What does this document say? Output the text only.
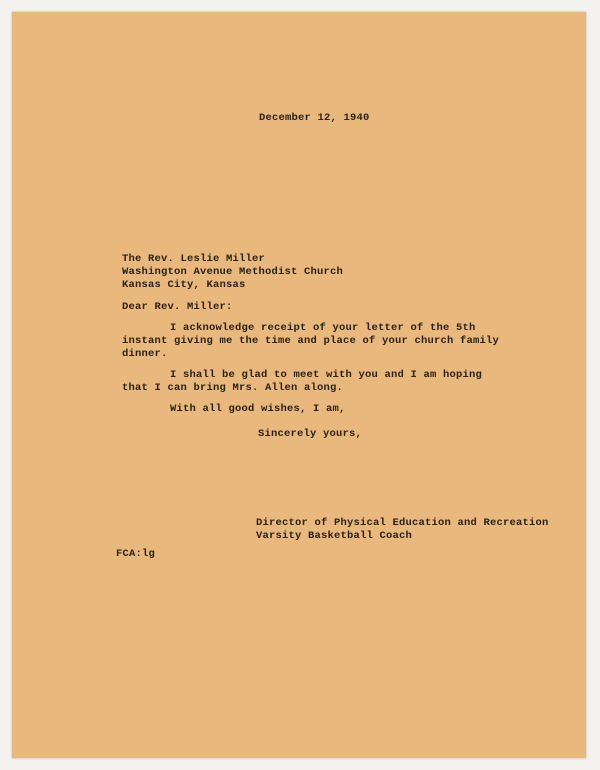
December 12, 1940
The Rev. Leslie Miller
Washington Avenue Methodist Church
Kansas City, Kansas
Dear Rev. Miller:
I acknowledge receipt of your letter of the 5th
instant giving me the time and place of your church family
dinner.
I shall be glad to meet with you and I am hoping
that I can bring Mrs. Allen along.
With all good wishes, I am,
Sincerely yours,
Director of Physical Education and Recreation
Varsity Basketball Coach
FCA:lg
